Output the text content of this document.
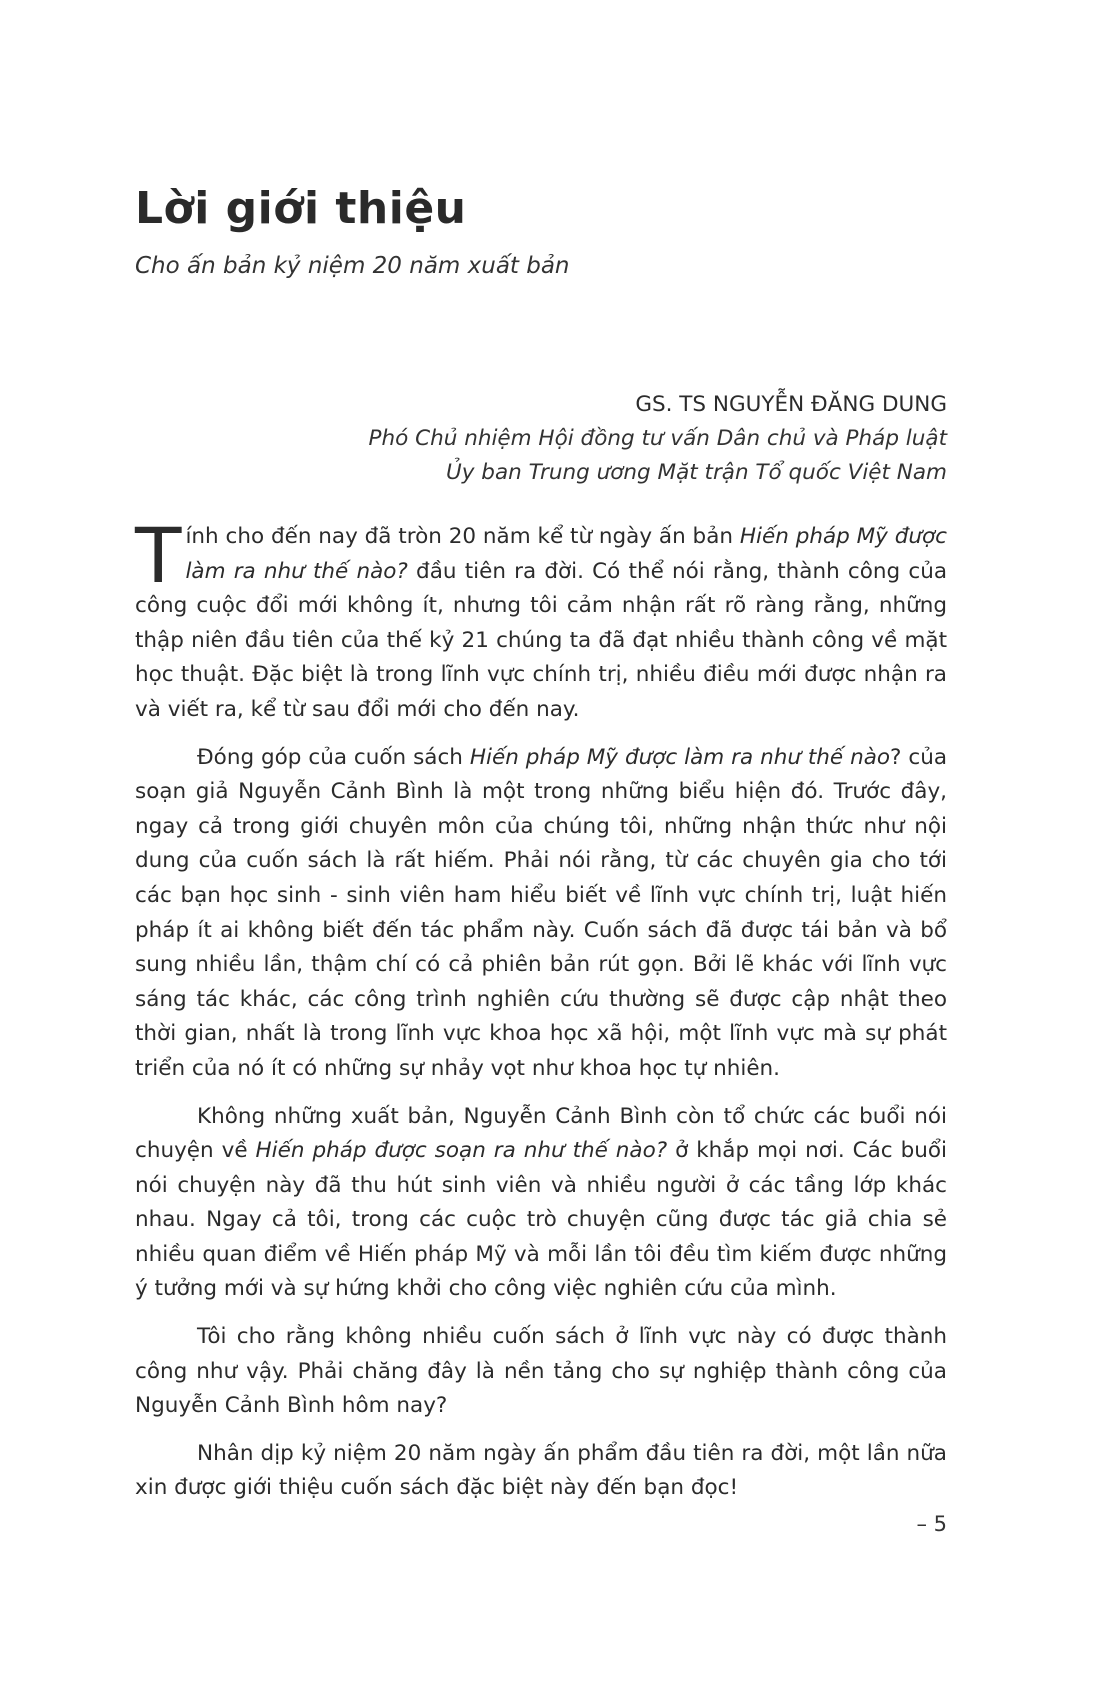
Lời giới thiệu
Cho ấn bản kỷ niệm 20 năm xuất bản
GS. TS NGUYỄN ĐĂNG DUNG
Phó Chủ nhiệm Hội đồng tư vấn Dân chủ và Pháp luật
Ủy ban Trung ương Mặt trận Tổ quốc Việt Nam

Tính cho đến nay đã tròn 20 năm kể từ ngày ấn bản Hiến pháp Mỹ được làm ra như thế nào? đầu tiên ra đời. Có thể nói rằng, thành công của công cuộc đổi mới không ít, nhưng tôi cảm nhận rất rõ ràng rằng, những thập niên đầu tiên của thế kỷ 21 chúng ta đã đạt nhiều thành công về mặt học thuật. Đặc biệt là trong lĩnh vực chính trị, nhiều điều mới được nhận ra và viết ra, kể từ sau đổi mới cho đến nay.

Đóng góp của cuốn sách Hiến pháp Mỹ được làm ra như thế nào? của soạn giả Nguyễn Cảnh Bình là một trong những biểu hiện đó. Trước đây, ngay cả trong giới chuyên môn của chúng tôi, những nhận thức như nội dung của cuốn sách là rất hiếm. Phải nói rằng, từ các chuyên gia cho tới các bạn học sinh - sinh viên ham hiểu biết về lĩnh vực chính trị, luật hiến pháp ít ai không biết đến tác phẩm này. Cuốn sách đã được tái bản và bổ sung nhiều lần, thậm chí có cả phiên bản rút gọn. Bởi lẽ khác với lĩnh vực sáng tác khác, các công trình nghiên cứu thường sẽ được cập nhật theo thời gian, nhất là trong lĩnh vực khoa học xã hội, một lĩnh vực mà sự phát triển của nó ít có những sự nhảy vọt như khoa học tự nhiên.

Không những xuất bản, Nguyễn Cảnh Bình còn tổ chức các buổi nói chuyện về Hiến pháp được soạn ra như thế nào? ở khắp mọi nơi. Các buổi nói chuyện này đã thu hút sinh viên và nhiều người ở các tầng lớp khác nhau. Ngay cả tôi, trong các cuộc trò chuyện cũng được tác giả chia sẻ nhiều quan điểm về Hiến pháp Mỹ và mỗi lần tôi đều tìm kiếm được những ý tưởng mới và sự hứng khởi cho công việc nghiên cứu của mình.

Tôi cho rằng không nhiều cuốn sách ở lĩnh vực này có được thành công như vậy. Phải chăng đây là nền tảng cho sự nghiệp thành công của Nguyễn Cảnh Bình hôm nay?

Nhân dịp kỷ niệm 20 năm ngày ấn phẩm đầu tiên ra đời, một lần nữa xin được giới thiệu cuốn sách đặc biệt này đến bạn đọc!

– 5
